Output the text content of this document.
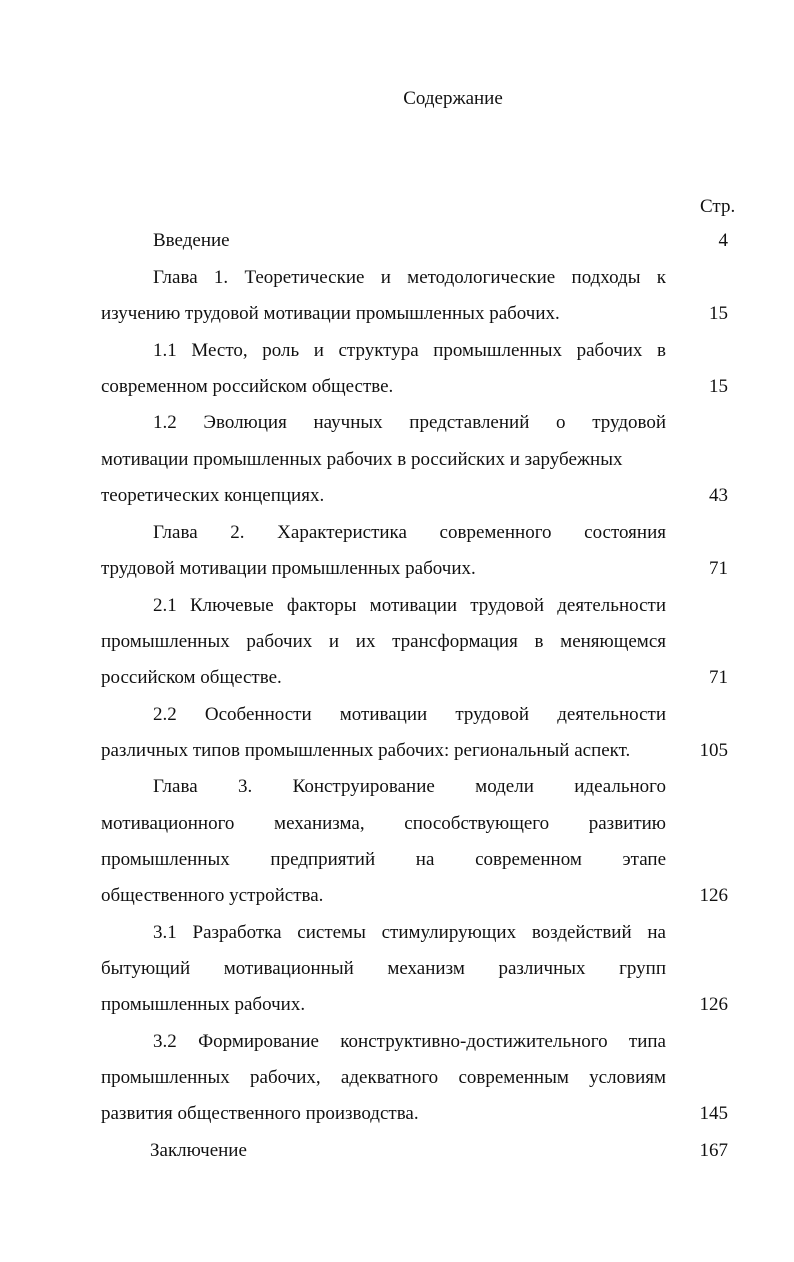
Содержание
Стр.
Введение	4
Глава 1. Теоретические и методологические подходы к
изучению трудовой мотивации промышленных рабочих.	15
1.1 Место, роль и структура промышленных рабочих в
современном российском обществе.	15
1.2 Эволюция научных представлений о трудовой
мотивации промышленных рабочих в российских и зарубежных
теоретических концепциях.	43
Глава 2. Характеристика современного состояния
трудовой мотивации промышленных рабочих.	71
2.1 Ключевые факторы мотивации трудовой деятельности
промышленных рабочих и их трансформация в меняющемся
российском обществе.	71
2.2 Особенности мотивации трудовой деятельности
различных типов промышленных рабочих: региональный аспект.	105
Глава 3. Конструирование модели идеального
мотивационного механизма, способствующего развитию
промышленных предприятий на современном этапе
общественного устройства.	126
3.1 Разработка системы стимулирующих воздействий на
бытующий мотивационный механизм различных групп
промышленных рабочих.	126
3.2 Формирование конструктивно-достижительного типа
промышленных рабочих, адекватного современным условиям
развития общественного производства.	145
Заключение	167
